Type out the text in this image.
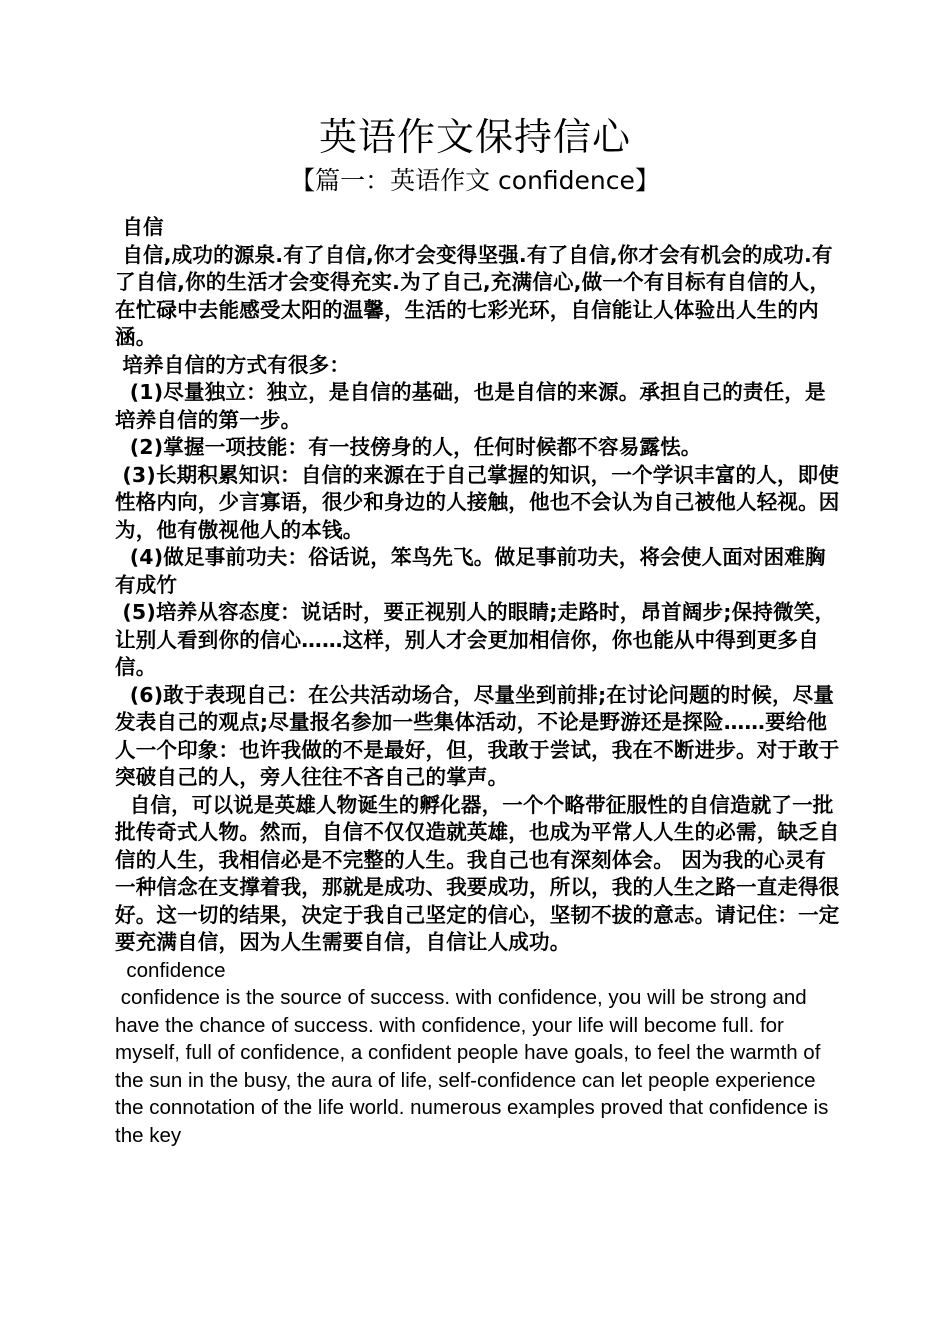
英语作文保持信心
【篇一：英语作文 confidence】

自信

自信,成功的源泉.有了自信,你才会变得坚强.有了自信,你才会有机会的成功.有了自信,你的生活才会变得充实.为了自己,充满信心,做一个有目标有自信的人，在忙碌中去能感受太阳的温馨，生活的七彩光环，自信能让人体验出人生的内涵。

培养自信的方式有很多：

(1)尽量独立：独立，是自信的基础，也是自信的来源。承担自己的责任，是培养自信的第一步。

(2)掌握一项技能：有一技傍身的人，任何时候都不容易露怯。

(3)长期积累知识：自信的来源在于自己掌握的知识，一个学识丰富的人，即使性格内向，少言寡语，很少和身边的人接触，他也不会认为自己被他人轻视。因为，他有傲视他人的本钱。

(4)做足事前功夫：俗话说，笨鸟先飞。做足事前功夫，将会使人面对困难胸有成竹

(5)培养从容态度：说话时，要正视别人的眼睛;走路时，昂首阔步;保持微笑，让别人看到你的信心……这样，别人才会更加相信你，你也能从中得到更多自信。

(6)敢于表现自己：在公共活动场合，尽量坐到前排;在讨论问题的时候，尽量发表自己的观点;尽量报名参加一些集体活动，不论是野游还是探险……要给他人一个印象：也许我做的不是最好，但，我敢于尝试，我在不断进步。对于敢于突破自己的人，旁人往往不吝自己的掌声。

自信，可以说是英雄人物诞生的孵化器，一个个略带征服性的自信造就了一批批传奇式人物。然而，自信不仅仅造就英雄，也成为平常人人生的必需，缺乏自信的人生，我相信必是不完整的人生。我自己也有深刻体会。 因为我的心灵有一种信念在支撑着我，那就是成功、我要成功，所以，我的人生之路一直走得很好。这一切的结果，决定于我自己坚定的信心，坚韧不拔的意志。请记住：一定要充满自信，因为人生需要自信，自信让人成功。

confidence

confidence is the source of success. with confidence, you will be strong and have the chance of success. with confidence, your life will become full. for myself, full of confidence, a confident people have goals, to feel the warmth of the sun in the busy, the aura of life, self-confidence can let people experience the connotation of the life world. numerous examples proved that confidence is the key
